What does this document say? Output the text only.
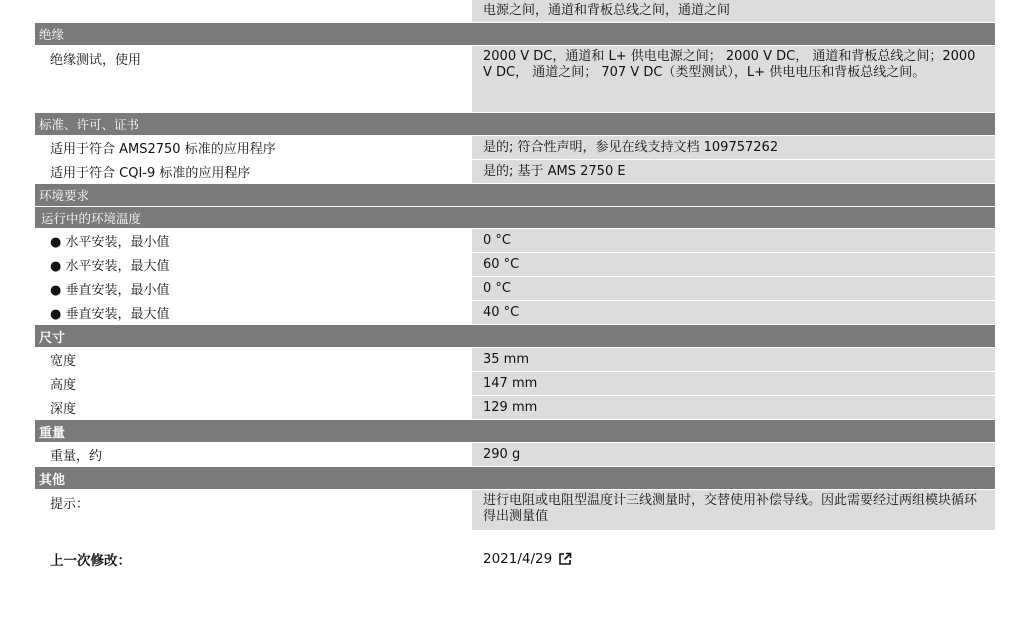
电源之间，通道和背板总线之间，通道之间
绝缘
绝缘测试，使用	2000 V DC，通道和 L+ 供电电源之间； 2000 V DC， 通道和背板总线之间；2000 V DC， 通道之间； 707 V DC（类型测试），L+ 供电电压和背板总线之间。
标准、许可、证书
适用于符合 AMS2750 标准的应用程序	是的; 符合性声明，参见在线支持文档 109757262
适用于符合 CQI-9 标准的应用程序	是的; 基于 AMS 2750 E
环境要求
运行中的环境温度
● 水平安装，最小值	0 °C
● 水平安装，最大值	60 °C
● 垂直安装，最小值	0 °C
● 垂直安装，最大值	40 °C
尺寸
宽度	35 mm
高度	147 mm
深度	129 mm
重量
重量，约	290 g
其他
提示：	进行电阻或电阻型温度计三线测量时，交替使用补偿导线。因此需要经过两组模块循环得出测量值
上一次修改：	2021/4/29
